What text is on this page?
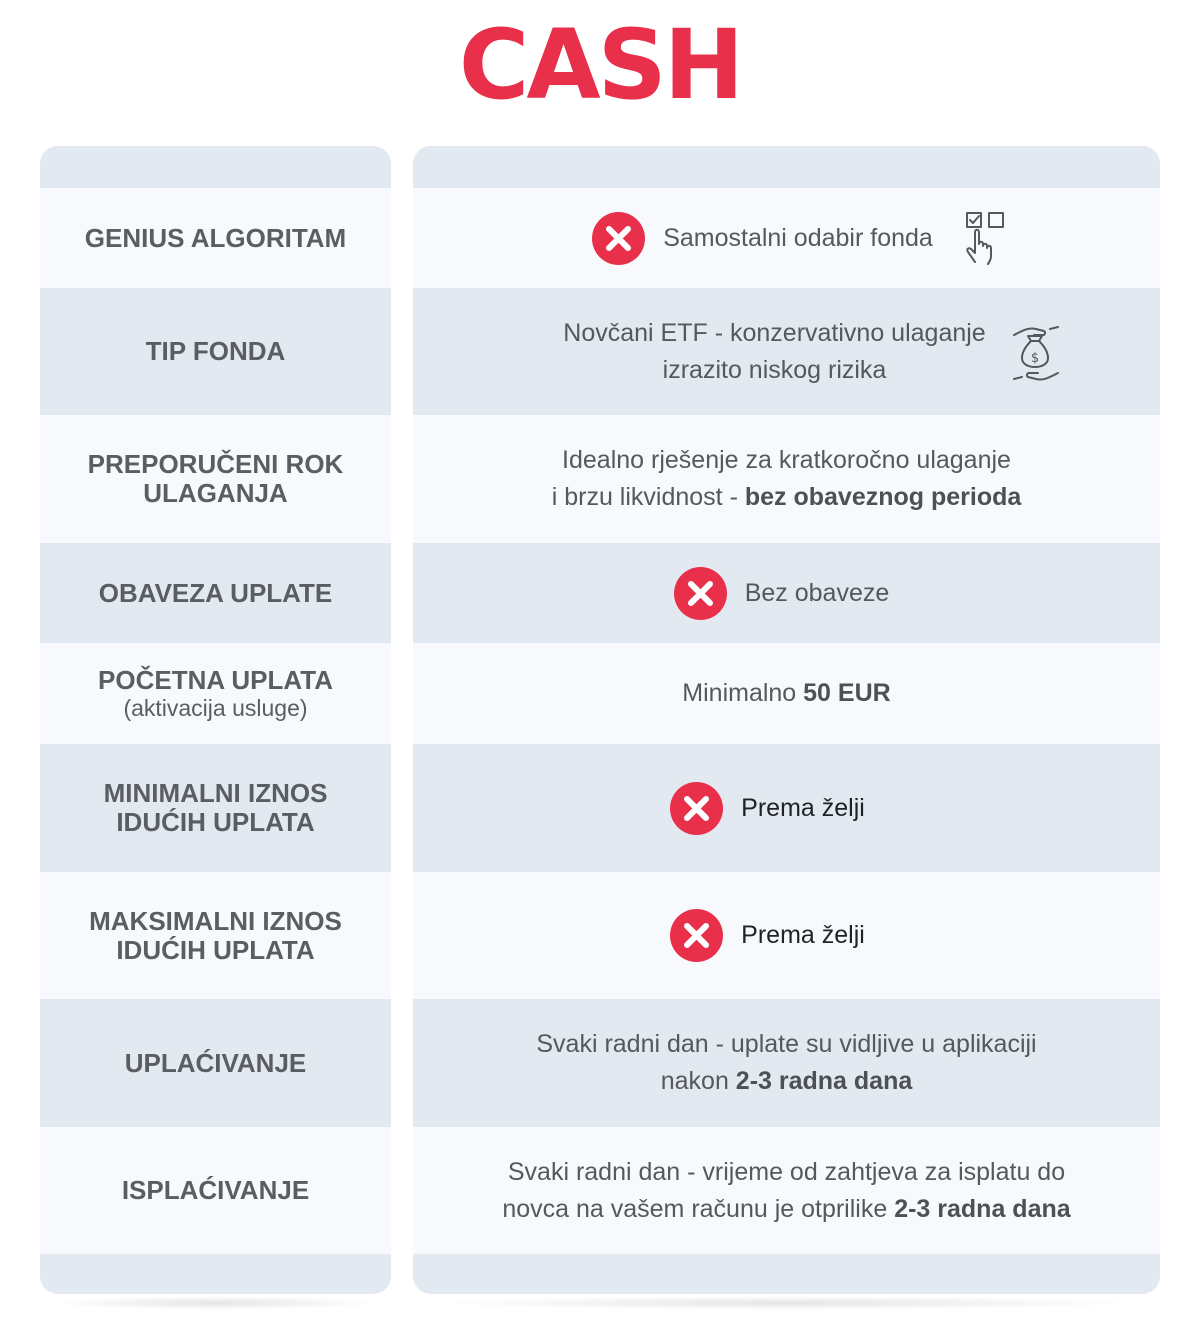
CASH
GENIUS ALGORITAM
TIP FONDA
PREPORUČENI ROK
ULAGANJA
OBAVEZA UPLATE

POČETNA UPLATA

(aktivacija usluge)

MINIMALNI IZNOS
IDUĆIH UPLATA
MAKSIMALNI IZNOS
IDUĆIH UPLATA
UPLAĆIVANJE
ISPLAĆIVANJE
Samostalni odabir fonda
Novčani ETF - konzervativno ulaganje
izrazito niskog rizika	$
Idealno rješenje za kratkoročno ulaganje
i brzu likvidnost - bez obaveznog perioda
Bez obaveze
Minimalno 50 EUR
Prema želji
Prema želji
Svaki radni dan - uplate su vidljive u aplikaciji
nakon 2-3 radna dana
Svaki radni dan - vrijeme od zahtjeva za isplatu do
novca na vašem računu je otprilike 2-3 radna dana
